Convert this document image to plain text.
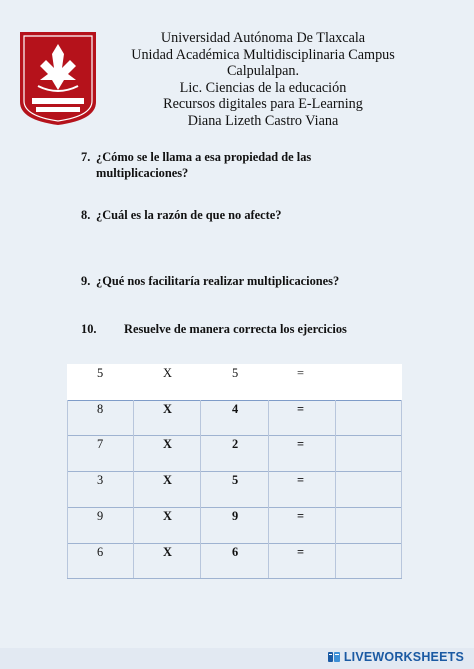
Universidad Autónoma De Tlaxcala
Unidad Académica Multidisciplinaria Campus
Calpulalpan.
Lic. Ciencias de la educación
Recursos digitales para E-Learning
Diana Lizeth Castro Viana
7. ¿Cómo se le llama a esa propiedad de las
multiplicaciones?
8. ¿Cuál es la razón de que no afecte?
9. ¿Qué nos facilitaría realizar multiplicaciones?
10. Resuelve de manera correcta los ejercicios
5	X	5	=
8	X	4	=
7	X	2	=
3	X	5	=
9	X	9	=
6	X	6	=
LIVEWORKSHEETS
